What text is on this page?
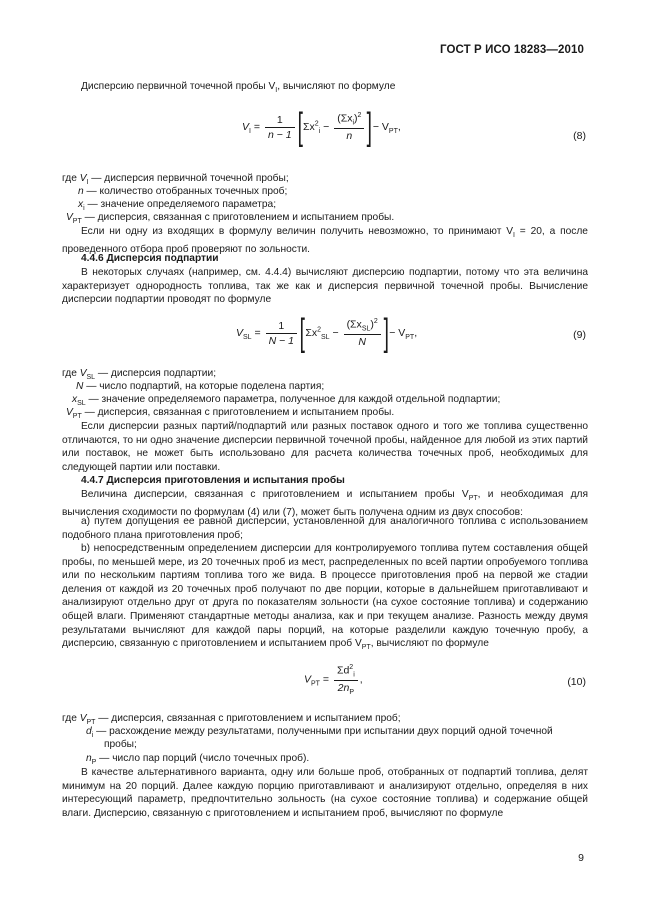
ГОСТ Р ИСО 18283—2010

Дисперсию первичной точечной пробы $V_I$, вычисляют по формуле

$V_I = \frac{1}{n - 1}$ [ $\Sigma x^2_i - \frac{(\Sigma x_i)^2}{n}$ ] − $V_{PT}$,
(8)
где $V_I$ — дисперсия первичной точечной пробы;
n — количество отобранных точечных проб;
$x_i$ — значение определяемого параметра;
$V_{PT}$ — дисперсия, связанная с приготовлением и испытанием пробы.

Если ни одну из входящих в формулу величин получить невозможно, то принимают $V_I = 20$, а после проведенного отбора проб проверяют по зольности.

4.4.6 Дисперсия подпартии

В некоторых случаях (например, см. 4.4.4) вычисляют дисперсию подпартии, потому что эта величина характеризует однородность топлива, так же как и дисперсия первичной точечной пробы. Вычисление дисперсии подпартии проводят по формуле

$V_{SL} = \frac{1}{N - 1}$ [ $\Sigma x^2_{SL} - \frac{(\Sigma x_{SL})^2}{N}$ ] − $V_{PT}$,	(9)
где $V_{SL}$ — дисперсия подпартии;
N — число подпартий, на которые поделена партия;
$x_{SL}$ — значение определяемого параметра, полученное для каждой отдельной подпартии;
$V_{PT}$ — дисперсия, связанная с приготовлением и испытанием пробы.

Если дисперсии разных партий/подпартий или разных поставок одного и того же топлива существенно отличаются, то ни одно значение дисперсии первичной точечной пробы, найденное для любой из этих партий или поставок, не может быть использовано для расчета количества точечных проб, необходимых для следующей партии или поставки.

4.4.7 Дисперсия приготовления и испытания пробы

Величина дисперсии, связанная с приготовлением и испытанием пробы $V_{PT}$, и необходимая для вычисления сходимости по формулам (4) или (7), может быть получена одним из двух способов:

а) путем допущения ее равной дисперсии, установленной для аналогичного топлива с использованием подобного плана приготовления проб;

b) непосредственным определением дисперсии для контролируемого топлива путем составления общей пробы, по меньшей мере, из 20 точечных проб из мест, распределенных по всей партии опробуемого топлива или по нескольким партиям топлива того же вида. В процессе приготовления проб на первой же стадии деления от каждой из 20 точечных проб получают по две порции, которые в дальнейшем приготавливают и анализируют отдельно друг от друга по показателям зольности (на сухое состояние топлива) и содержанию общей влаги. Применяют стандартные методы анализа, как и при текущем анализе. Разность между двумя результатами вычисляют для каждой пары порций, на которые разделили каждую точечную пробу, а дисперсию, связанную с приготовлением и испытанием проб $V_{PT}$, вычисляют по формуле

$V_{PT} = \frac{\Sigma d^2_i}{2n_P}$ ,	(10)
где $V_{PT}$ — дисперсия, связанная с приготовлением и испытанием проб;
$d_i$ — расхождение между результатами, полученными при испытании двух порций одной точечной
пробы;
$n_P$ — число пар порций (число точечных проб).

В качестве альтернативного варианта, одну или больше проб, отобранных от подпартий топлива, делят минимум на 20 порций. Далее каждую порцию приготавливают и анализируют отдельно, определяя в них интересующий параметр, предпочтительно зольность (на сухое состояние топлива) и содержание общей влаги. Дисперсию, связанную с приготовлением и испытанием проб, вычисляют по формуле

9
